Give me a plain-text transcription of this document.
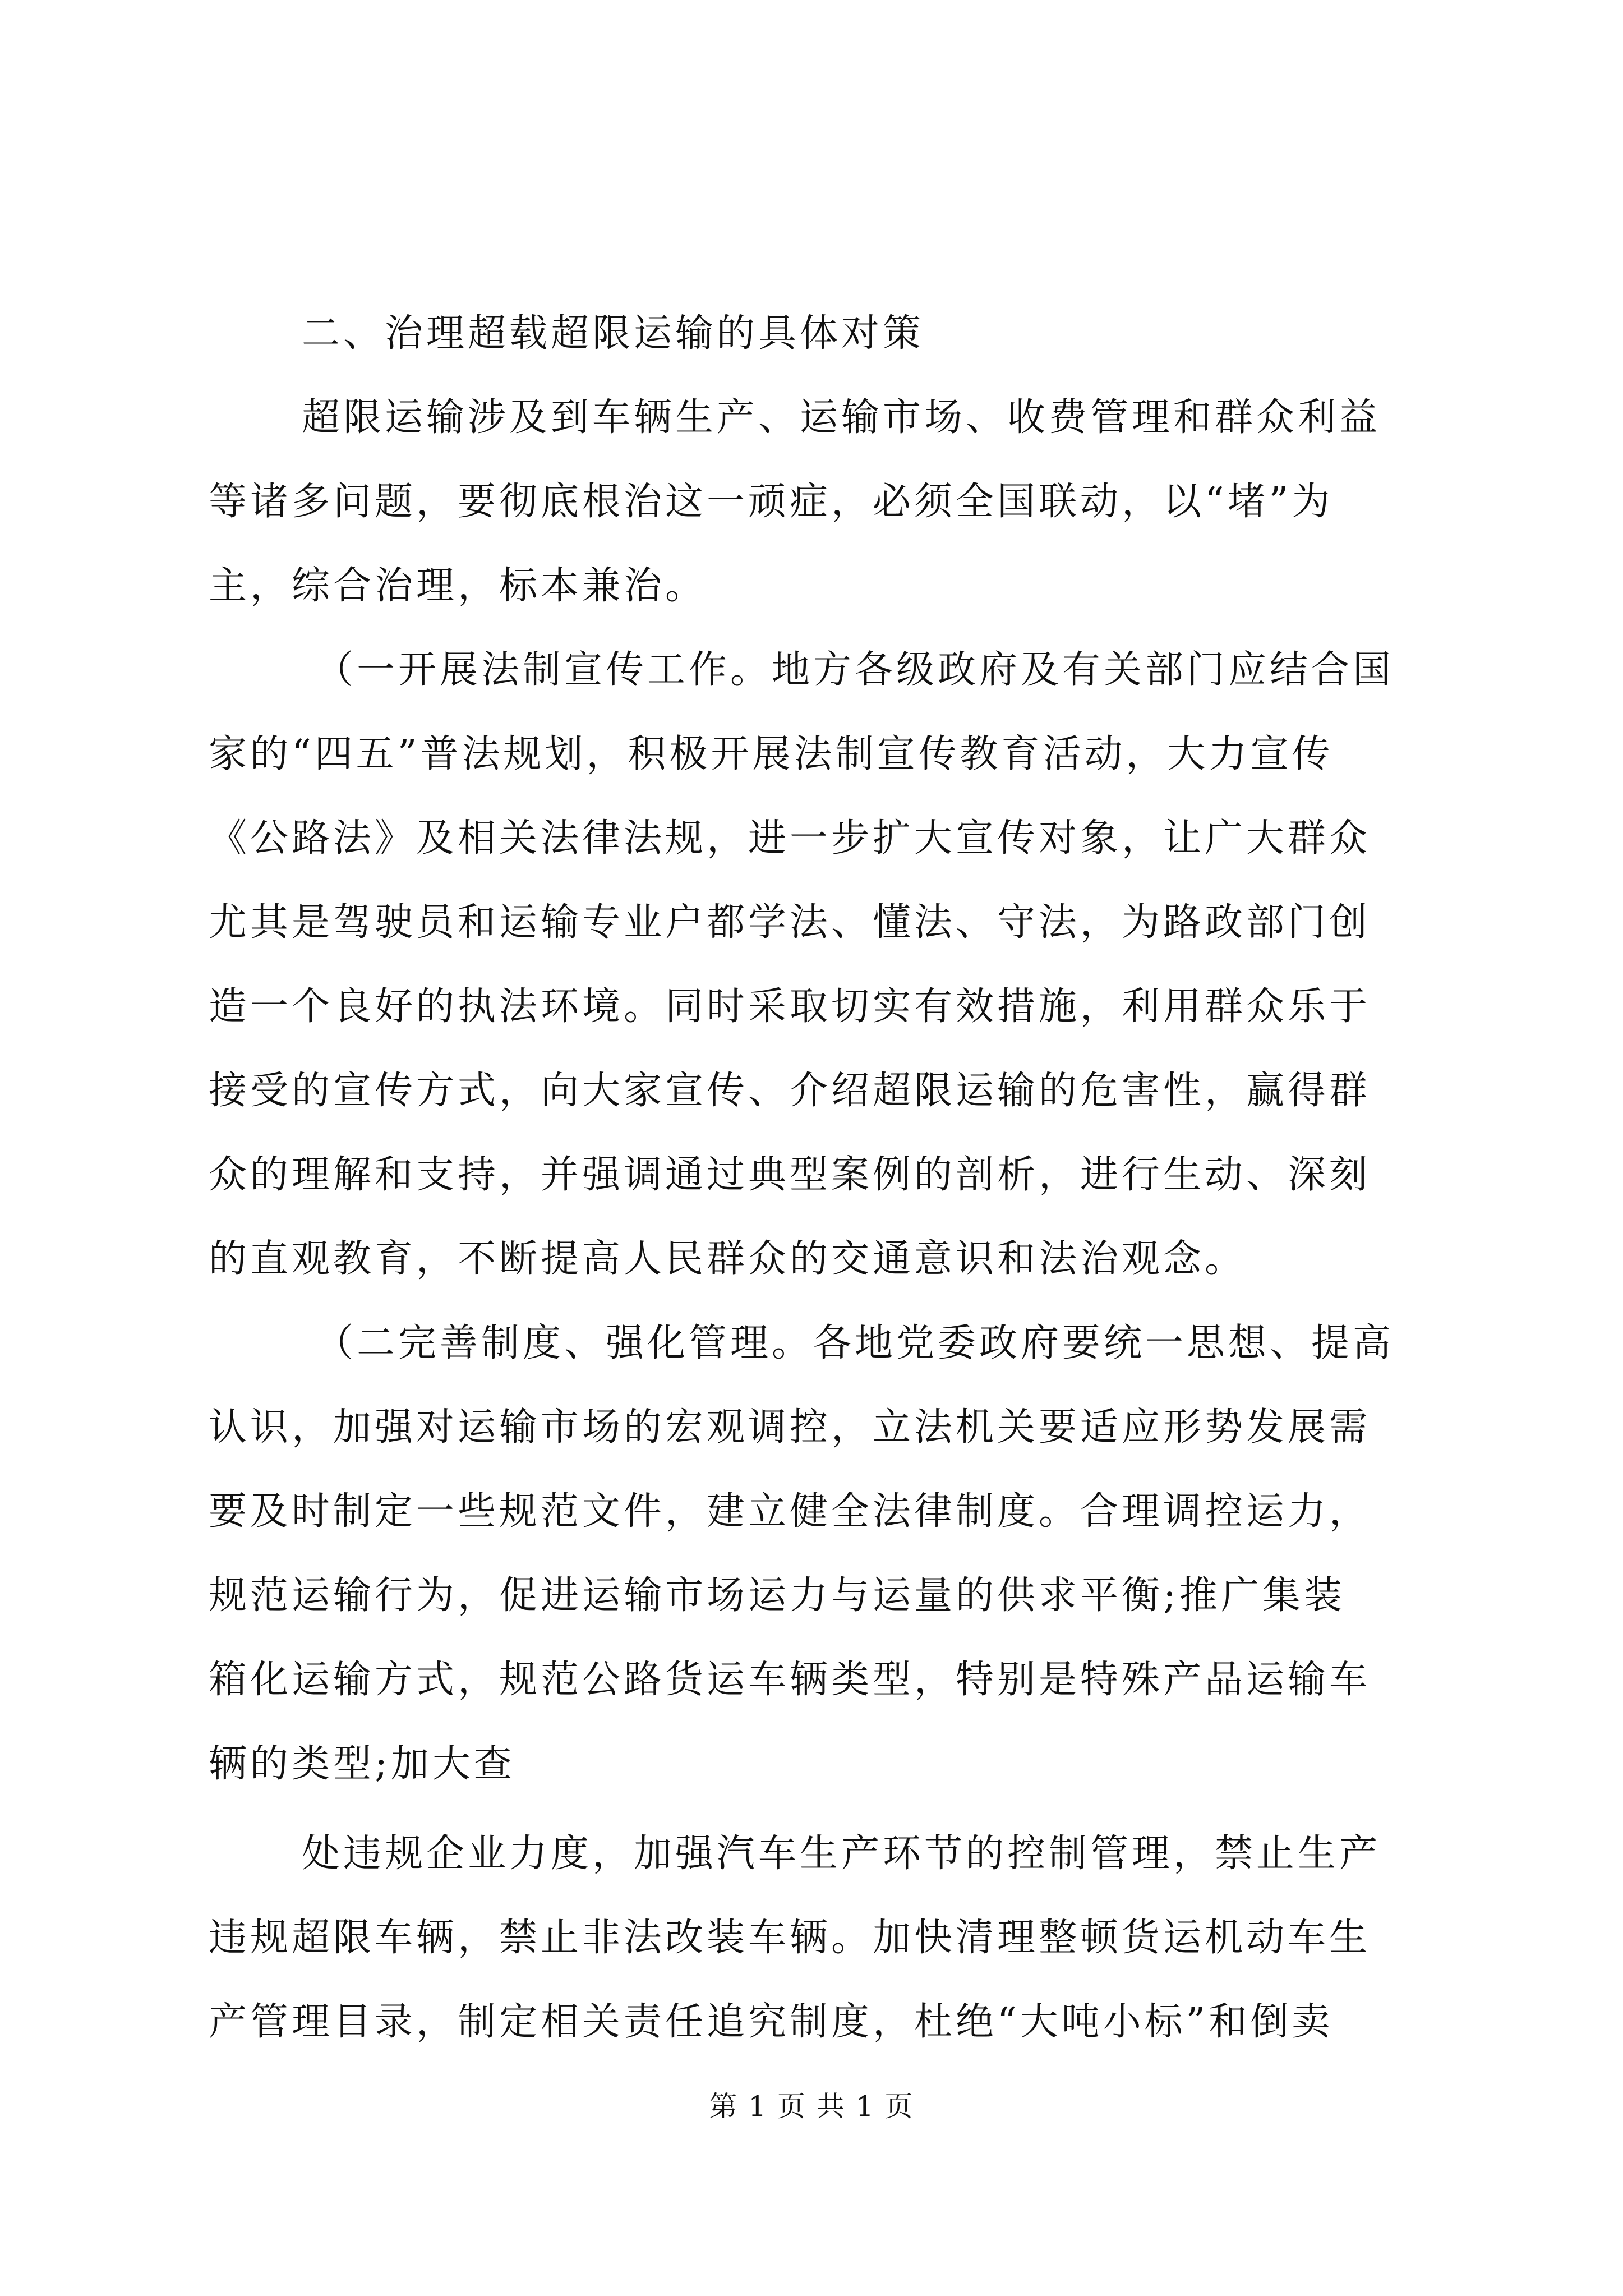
二、治理超载超限运输的具体对策
超限运输涉及到车辆生产、运输市场、收费管理和群众利益
等诸多问题，要彻底根治这一顽症，必须全国联动，以“堵”为
主，综合治理，标本兼治。
（一开展法制宣传工作。地方各级政府及有关部门应结合国
家的“四五”普法规划，积极开展法制宣传教育活动，大力宣传
《公路法》及相关法律法规，进一步扩大宣传对象，让广大群众
尤其是驾驶员和运输专业户都学法、懂法、守法，为路政部门创
造一个良好的执法环境。同时采取切实有效措施，利用群众乐于
接受的宣传方式，向大家宣传、介绍超限运输的危害性，赢得群
众的理解和支持，并强调通过典型案例的剖析，进行生动、深刻
的直观教育，不断提高人民群众的交通意识和法治观念。
（二完善制度、强化管理。各地党委政府要统一思想、提高
认识，加强对运输市场的宏观调控，立法机关要适应形势发展需
要及时制定一些规范文件，建立健全法律制度。合理调控运力，
规范运输行为，促进运输市场运力与运量的供求平衡;推广集装
箱化运输方式，规范公路货运车辆类型，特别是特殊产品运输车
辆的类型;加大查
处违规企业力度，加强汽车生产环节的控制管理，禁止生产
违规超限车辆，禁止非法改装车辆。加快清理整顿货运机动车生
产管理目录，制定相关责任追究制度，杜绝“大吨小标”和倒卖
第 1 页 共 1 页
